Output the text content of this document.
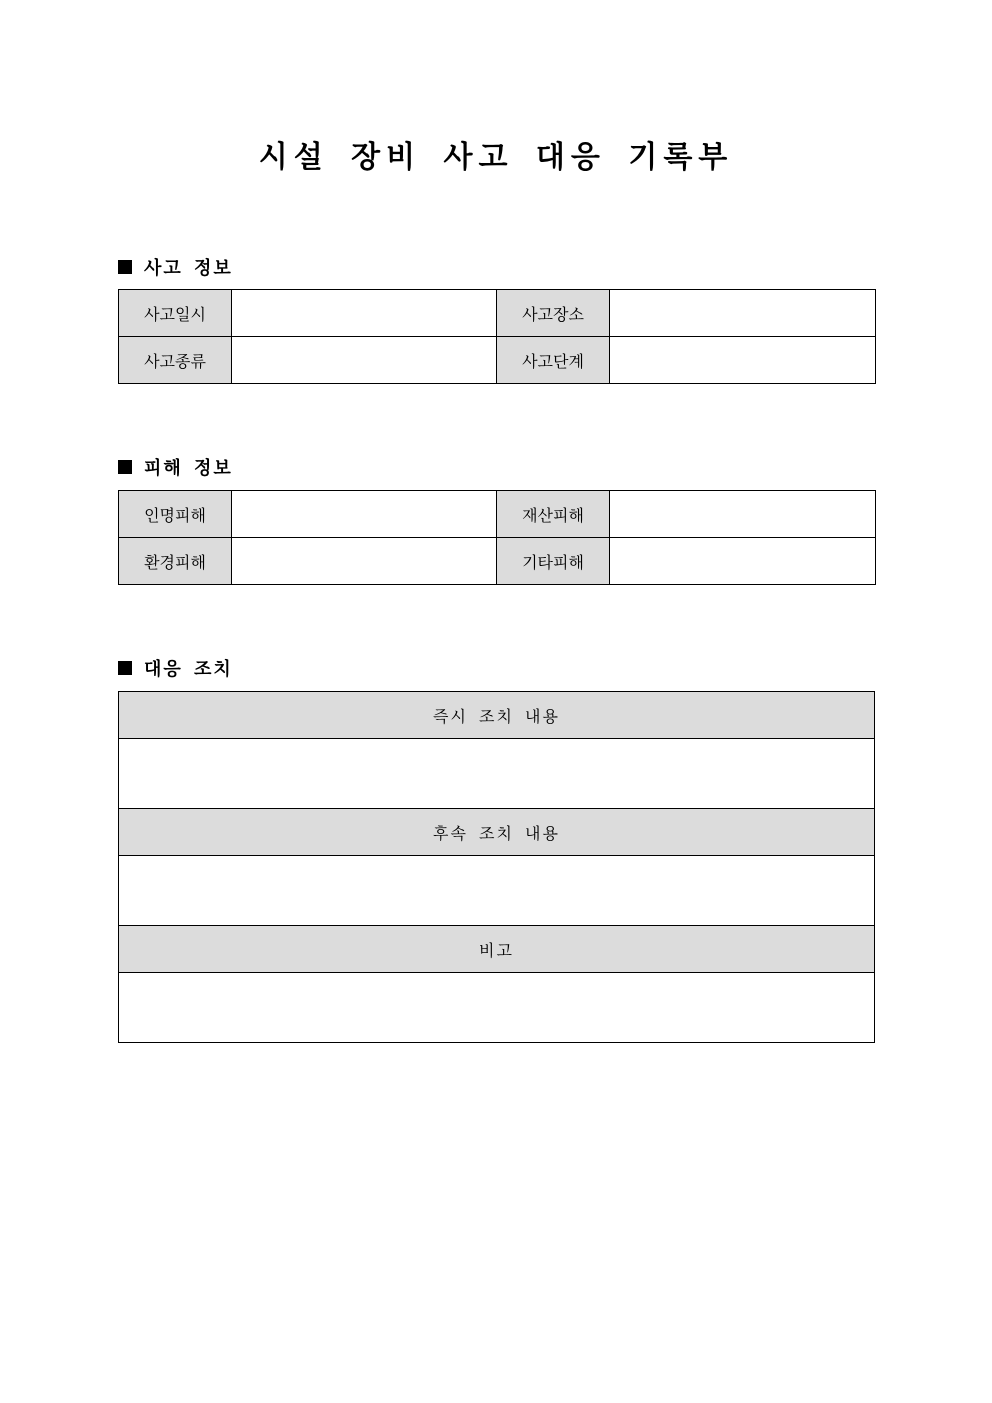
시설 장비 사고 대응 기록부
사고 정보
사고일시		사고장소	
사고종류		사고단계	
피해 정보
인명피해		재산피해	
환경피해		기타피해	
대응 조치
즉시 조치 내용

후속 조치 내용

비고
